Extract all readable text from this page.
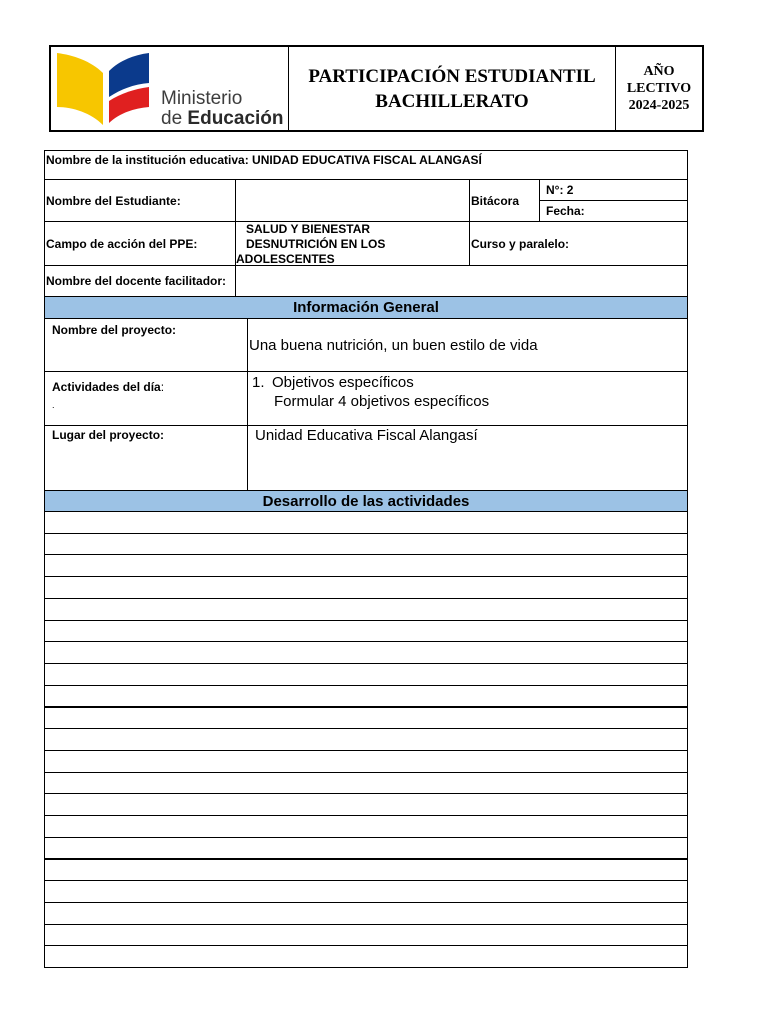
Ministerio
de Educación
PARTICIPACIÓN ESTUDIANTIL
BACHILLERATO
AÑO
LECTIVO
2024-2025
Nombre de la institución educativa: UNIDAD EDUCATIVA FISCAL ALANGASÍ
Nombre del Estudiante:	Bitácora
N°: 2
Fecha:
Campo de acción del PPE:
SALUD Y BIENESTAR
DESNUTRICIÓN EN LOS
ADOLESCENTES
Curso y paralelo:
Nombre del docente facilitador:
Información General
Nombre del proyecto:
Una buena nutrición, un buen estilo de vida
Actividades del día:
.
1. Objetivos específicos
Formular 4 objetivos específicos
Lugar del proyecto:	Unidad Educativa Fiscal Alangasí
Desarrollo de las actividades
